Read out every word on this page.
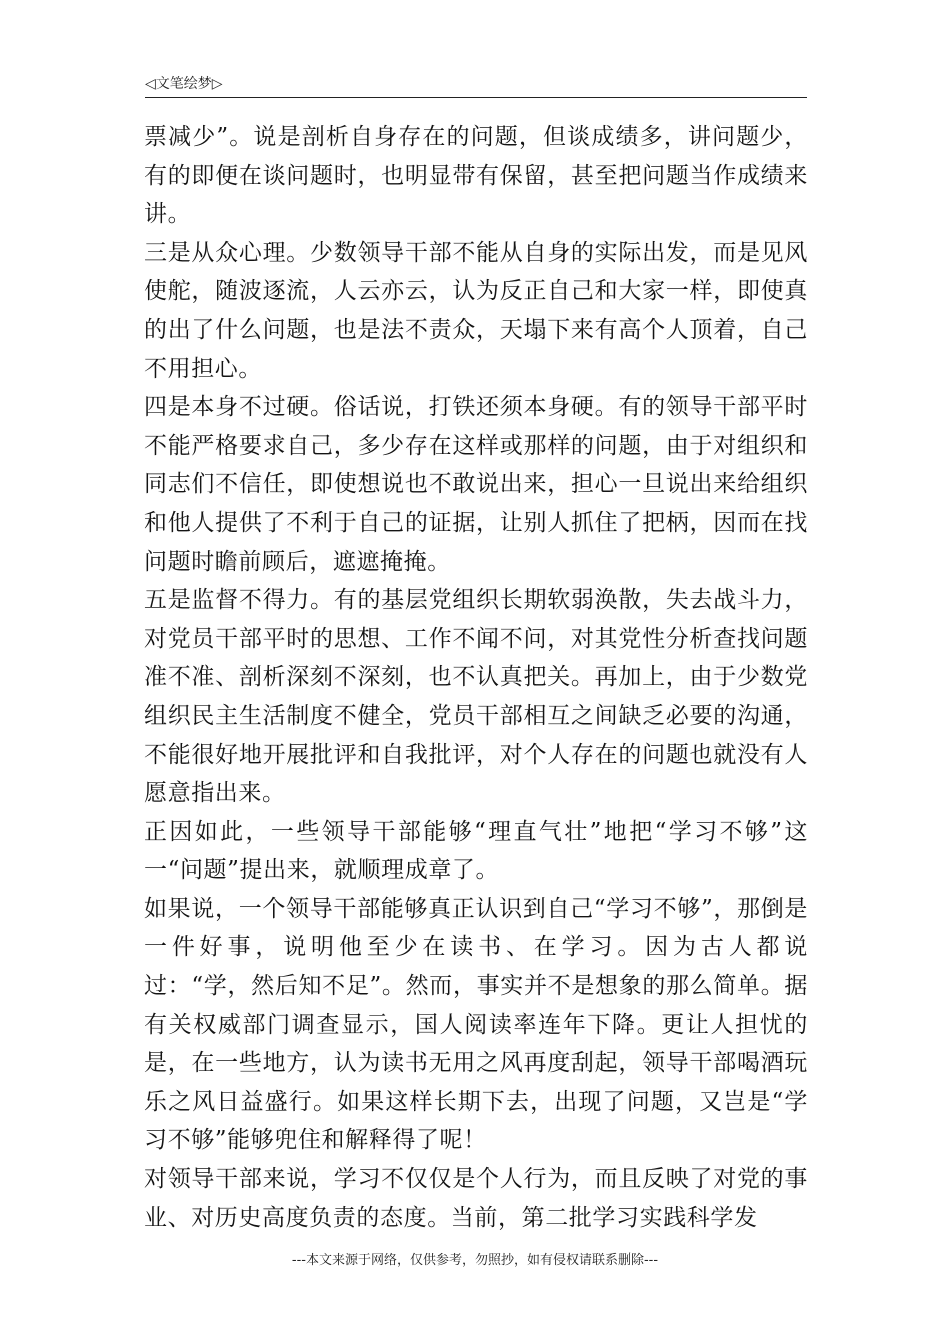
◁文笔绘梦▷

票减少”。说是剖析自身存在的问题，但谈成绩多，讲问题少，有的即便在谈问题时，也明显带有保留，甚至把问题当作成绩来讲。

三是从众心理。少数领导干部不能从自身的实际出发，而是见风使舵，随波逐流，人云亦云，认为反正自己和大家一样，即使真的出了什么问题，也是法不责众，天塌下来有高个人顶着，自己不用担心。

四是本身不过硬。俗话说，打铁还须本身硬。有的领导干部平时不能严格要求自己，多少存在这样或那样的问题，由于对组织和同志们不信任，即使想说也不敢说出来，担心一旦说出来给组织和他人提供了不利于自己的证据，让别人抓住了把柄，因而在找问题时瞻前顾后，遮遮掩掩。

五是监督不得力。有的基层党组织长期软弱涣散，失去战斗力，对党员干部平时的思想、工作不闻不问，对其党性分析查找问题准不准、剖析深刻不深刻，也不认真把关。再加上，由于少数党组织民主生活制度不健全，党员干部相互之间缺乏必要的沟通，不能很好地开展批评和自我批评，对个人存在的问题也就没有人愿意指出来。

正因如此，一些领导干部能够“理直气壮”地把“学习不够”这一“问题”提出来，就顺理成章了。

如果说，一个领导干部能够真正认识到自己“学习不够”，那倒是一件好事，说明他至少在读书、在学习。因为古人都说过：“学，然后知不足”。然而，事实并不是想象的那么简单。据有关权威部门调查显示，国人阅读率连年下降。更让人担忧的是，在一些地方，认为读书无用之风再度刮起，领导干部喝酒玩乐之风日益盛行。如果这样长期下去，出现了问题，又岂是“学习不够”能够兜住和解释得了呢！

对领导干部来说，学习不仅仅是个人行为，而且反映了对党的事业、对历史高度负责的态度。当前，第二批学习实践科学发

---本文来源于网络，仅供参考，勿照抄，如有侵权请联系删除---
